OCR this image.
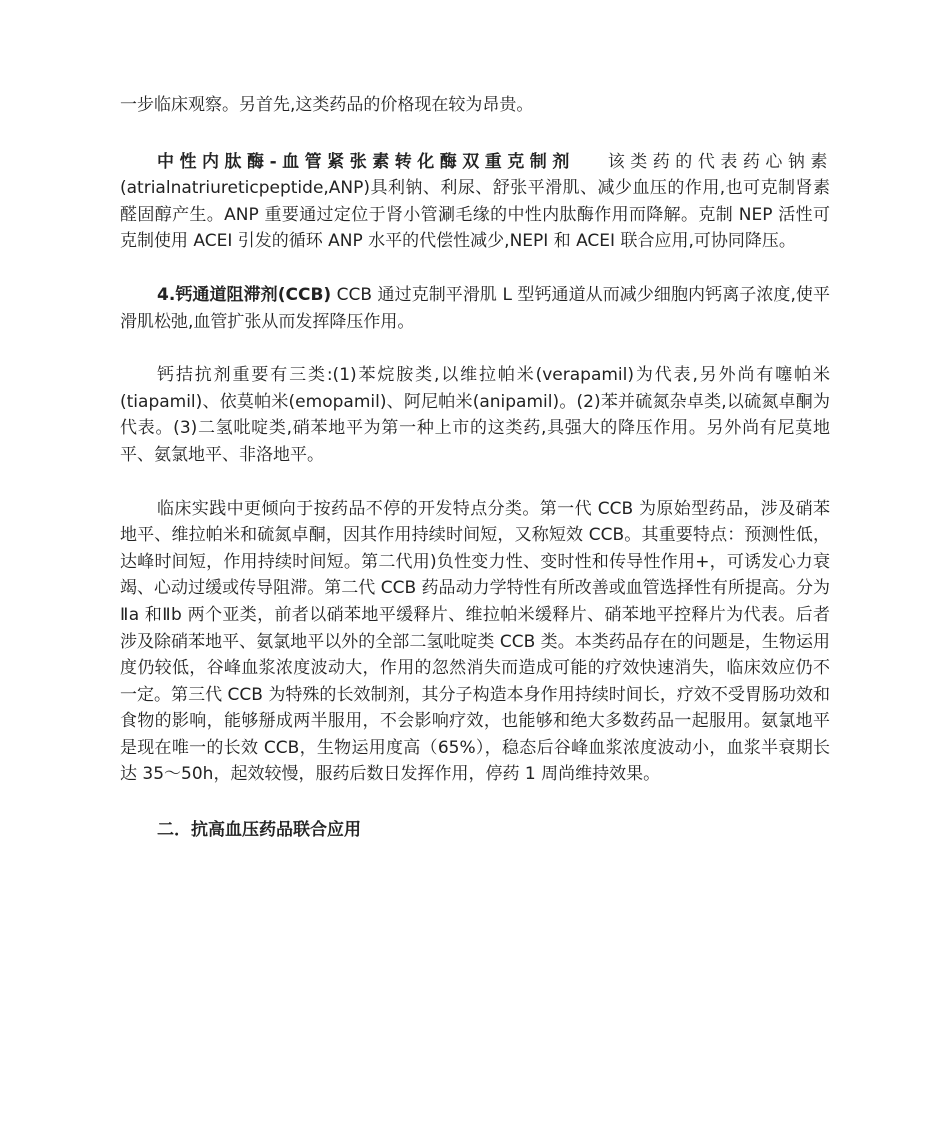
一步临床观察。另首先,这类药品的价格现在较为昂贵。

中性内肽酶-血管紧张素转化酶双重克制剂 该类药的代表药心钠素(atrialnatriureticpeptide,ANP)具利钠、利尿、舒张平滑肌、减少血压的作用,也可克制肾素醛固醇产生。ANP 重要通过定位于肾小管涮毛缘的中性内肽酶作用而降解。克制 NEP 活性可克制使用 ACEI 引发的循环 ANP 水平的代偿性减少,NEPI 和 ACEI 联合应用,可协同降压。

4.钙通道阻滞剂(CCB) CCB 通过克制平滑肌 L 型钙通道从而减少细胞内钙离子浓度,使平滑肌松弛,血管扩张从而发挥降压作用。

钙拮抗剂重要有三类:(1)苯烷胺类,以维拉帕米(verapamil)为代表,另外尚有噻帕米(tiapamil)、依莫帕米(emopamil)、阿尼帕米(anipamil)。(2)苯并硫氮杂卓类,以硫氮卓酮为代表。(3)二氢吡啶类,硝苯地平为第一种上市的这类药,具强大的降压作用。另外尚有尼莫地平、氨氯地平、非洛地平。

临床实践中更倾向于按药品不停的开发特点分类。第一代 CCB 为原始型药品，涉及硝苯地平、维拉帕米和硫氮卓酮，因其作用持续时间短，又称短效 CCB。其重要特点：预测性低，达峰时间短，作用持续时间短。第二代用)负性变力性、变时性和传导性作用+，可诱发心力衰竭、心动过缓或传导阻滞。第二代 CCB 药品动力学特性有所改善或血管选择性有所提高。分为Ⅱa 和Ⅱb 两个亚类，前者以硝苯地平缓释片、维拉帕米缓释片、硝苯地平控释片为代表。后者涉及除硝苯地平、氨氯地平以外的全部二氢吡啶类 CCB 类。本类药品存在的问题是，生物运用度仍较低，谷峰血浆浓度波动大，作用的忽然消失而造成可能的疗效快速消失，临床效应仍不一定。第三代 CCB 为特殊的长效制剂，其分子构造本身作用持续时间长，疗效不受胃肠功效和食物的影响，能够掰成两半服用，不会影响疗效，也能够和绝大多数药品一起服用。氨氯地平是现在唯一的长效 CCB，生物运用度高（65%），稳态后谷峰血浆浓度波动小，血浆半衰期长达 35～50h，起效较慢，服药后数日发挥作用，停药 1 周尚维持效果。

二．抗高血压药品联合应用
